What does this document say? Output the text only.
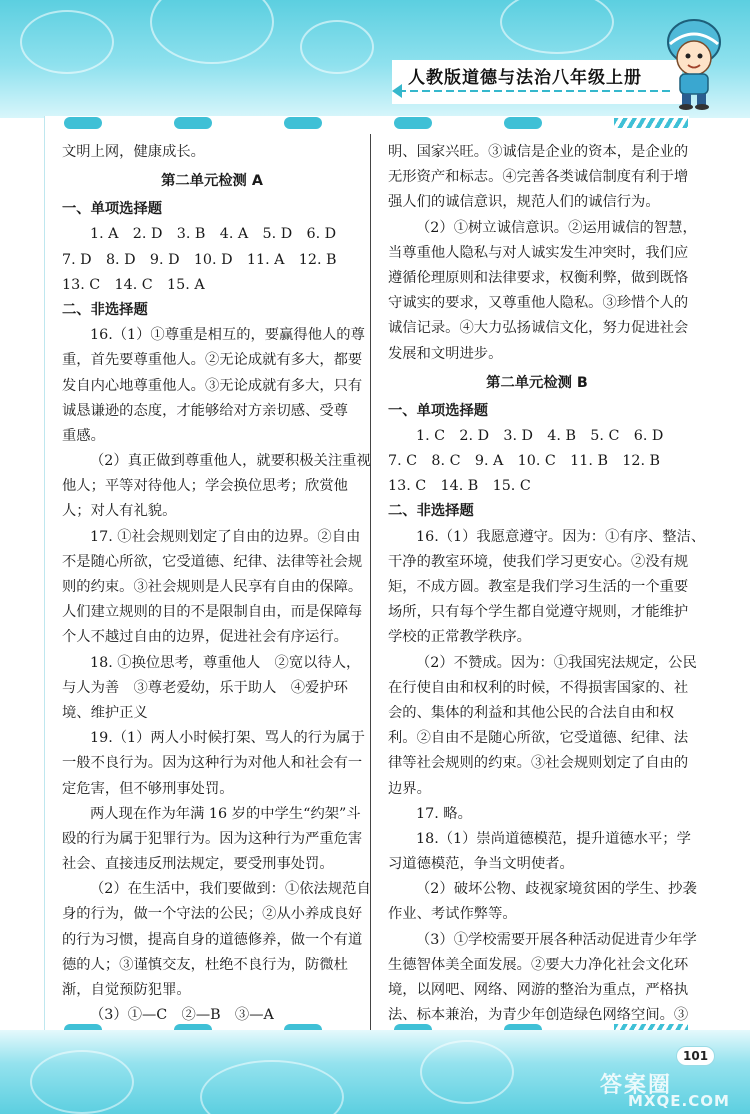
人教版道德与法治八年级上册
文明上网，健康成长。
第二单元检测 A
一、单项选择题
1. A　2. D　3. B　4. A　5. D　6. D
7. D　8. D　9. D　10. D　11. A　12. B
13. C　14. C　15. A
二、非选择题
16.（1）①尊重是相互的，要赢得他人的尊
重，首先要尊重他人。②无论成就有多大，都要
发自内心地尊重他人。③无论成就有多大，只有
诚恳谦逊的态度，才能够给对方亲切感、受尊
重感。
（2）真正做到尊重他人，就要积极关注重视
他人；平等对待他人；学会换位思考；欣赏他
人；对人有礼貌。
17. ①社会规则划定了自由的边界。②自由
不是随心所欲，它受道德、纪律、法律等社会规
则的约束。③社会规则是人民享有自由的保障。
人们建立规则的目的不是限制自由，而是保障每
个人不越过自由的边界，促进社会有序运行。
18. ①换位思考，尊重他人　②宽以待人，
与人为善　③尊老爱幼，乐于助人　④爱护环
境、维护正义
19.（1）两人小时候打架、骂人的行为属于
一般不良行为。因为这种行为对他人和社会有一
定危害，但不够刑事处罚。
两人现在作为年满 16 岁的中学生“约架”斗
殴的行为属于犯罪行为。因为这种行为严重危害
社会、直接违反刑法规定，要受刑事处罚。
（2）在生活中，我们要做到：①依法规范自
身的行为，做一个守法的公民；②从小养成良好
的行为习惯，提高自身的道德修养，做一个有道
德的人；③谨慎交友，杜绝不良行为，防微杜
渐，自觉预防犯罪。
（3）①—C　②—B　③—A
明、国家兴旺。③诚信是企业的资本，是企业的
无形资产和标志。④完善各类诚信制度有利于增
强人们的诚信意识，规范人们的诚信行为。
（2）①树立诚信意识。②运用诚信的智慧，
当尊重他人隐私与对人诚实发生冲突时，我们应
遵循伦理原则和法律要求，权衡利弊，做到既恪
守诚实的要求，又尊重他人隐私。③珍惜个人的
诚信记录。④大力弘扬诚信文化，努力促进社会
发展和文明进步。
第二单元检测 B
一、单项选择题
1. C　2. D　3. D　4. B　5. C　6. D
7. C　8. C　9. A　10. C　11. B　12. B
13. C　14. B　15. C
二、非选择题
16.（1）我愿意遵守。因为：①有序、整洁、
干净的教室环境，使我们学习更安心。②没有规
矩，不成方圆。教室是我们学习生活的一个重要
场所，只有每个学生都自觉遵守规则，才能维护
学校的正常教学秩序。
（2）不赞成。因为：①我国宪法规定，公民
在行使自由和权利的时候，不得损害国家的、社
会的、集体的利益和其他公民的合法自由和权
利。②自由不是随心所欲，它受道德、纪律、法
律等社会规则的约束。③社会规则划定了自由的
边界。
17. 略。
18.（1）崇尚道德模范，提升道德水平；学
习道德模范，争当文明使者。
（2）破坏公物、歧视家境贫困的学生、抄袭
作业、考试作弊等。
（3）①学校需要开展各种活动促进青少年学
生德智体美全面发展。②要大力净化社会文化环
境，以网吧、网络、网游的整治为重点，严格执
法、标本兼治，为青少年创造绿色网络空间。③
101
答案圈
MXQE.COM
